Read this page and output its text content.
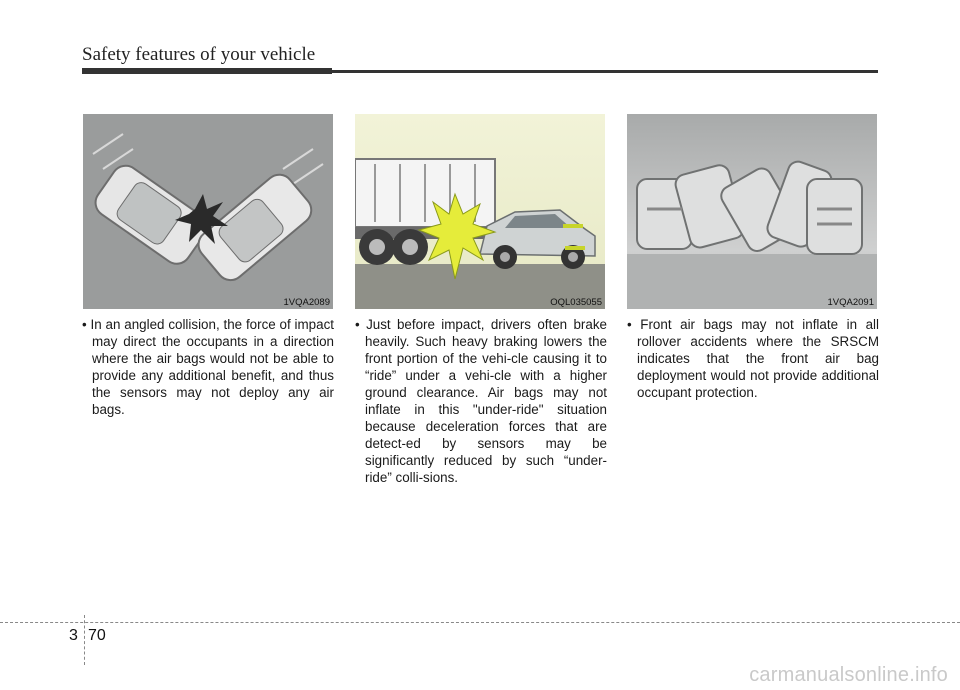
Safety features of your vehicle
1VQA2089	OQL035055	1VQA2091
• In an angled collision, the force of impact may direct the occupants in a direction where the air bags would not be able to provide any additional benefit, and thus the sensors may not deploy any air bags.
• Just before impact, drivers often brake heavily. Such heavy braking lowers the front portion of the vehi-cle causing it to “ride” under a vehi-cle with a higher ground clearance. Air bags may not inflate in this "under-ride" situation because deceleration forces that are detect-ed by sensors may be significantly reduced by such “under-ride” colli-sions.
• Front air bags may not inflate in all rollover accidents where the SRSCM indicates that the front air bag deployment would not provide additional occupant protection.
3 70
carmanualsonline.info
